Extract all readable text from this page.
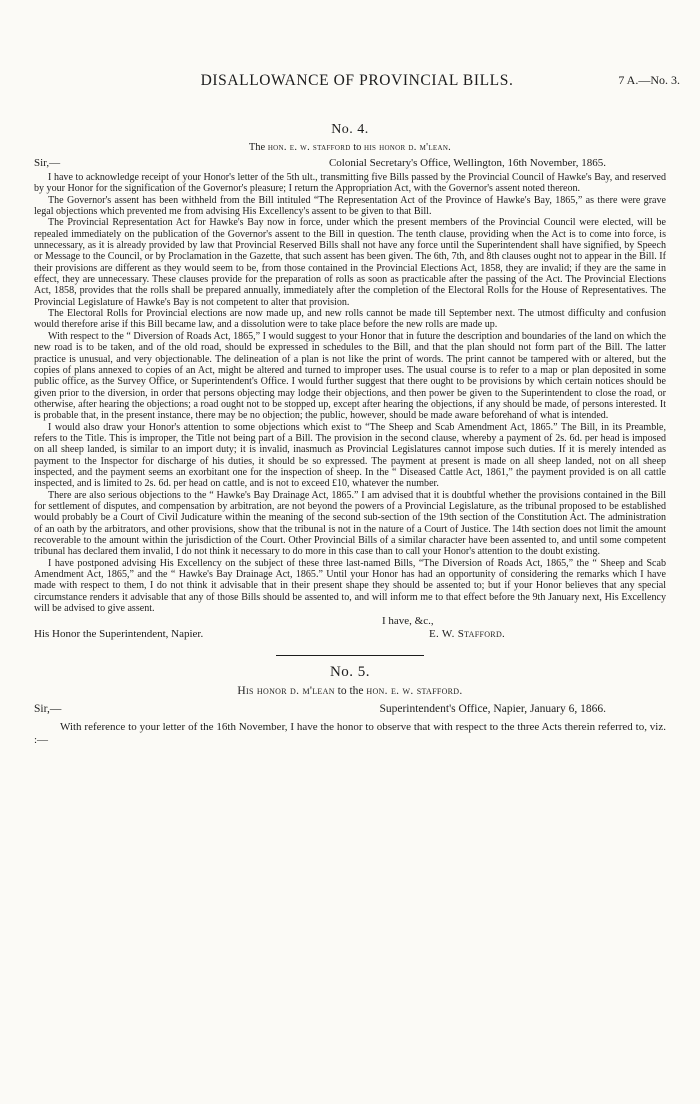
DISALLOWANCE OF PROVINCIAL BILLS.	7 A.—No. 3.
No. 4.
The hon. e. w. stafford to his honor d. m'lean.
Sir,—	Colonial Secretary's Office, Wellington, 16th November, 1865.

I have to acknowledge receipt of your Honor's letter of the 5th ult., transmitting five Bills passed by the Provincial Council of Hawke's Bay, and reserved by your Honor for the signification of the Governor's pleasure; I return the Appropriation Act, with the Governor's assent noted thereon.

The Governor's assent has been withheld from the Bill intituled “The Representation Act of the Province of Hawke's Bay, 1865,” as there were grave legal objections which prevented me from advising His Excellency's assent to be given to that Bill.

The Provincial Representation Act for Hawke's Bay now in force, under which the present members of the Provincial Council were elected, will be repealed immediately on the publication of the Governor's assent to the Bill in question. The tenth clause, providing when the Act is to come into force, is unnecessary, as it is already provided by law that Provincial Reserved Bills shall not have any force until the Superintendent shall have signified, by Speech or Message to the Council, or by Proclamation in the Gazette, that such assent has been given. The 6th, 7th, and 8th clauses ought not to appear in the Bill. If their provisions are different as they would seem to be, from those contained in the Provincial Elections Act, 1858, they are invalid; if they are the same in effect, they are unnecessary. These clauses provide for the preparation of rolls as soon as practicable after the passing of the Act. The Provincial Elections Act, 1858, provides that the rolls shall be prepared annually, immediately after the completion of the Electoral Rolls for the House of Representatives. The Provincial Legislature of Hawke's Bay is not competent to alter that provision.

The Electoral Rolls for Provincial elections are now made up, and new rolls cannot be made till September next. The utmost difficulty and confusion would therefore arise if this Bill became law, and a dissolution were to take place before the new rolls are made up.

With respect to the “ Diversion of Roads Act, 1865,” I would suggest to your Honor that in future the description and boundaries of the land on which the new road is to be taken, and of the old road, should be expressed in schedules to the Bill, and that the plan should not form part of the Bill. The latter practice is unusual, and very objectionable. The delineation of a plan is not like the print of words. The print cannot be tampered with or altered, but the copies of plans annexed to copies of an Act, might be altered and turned to improper uses. The usual course is to refer to a map or plan deposited in some public office, as the Survey Office, or Superintendent's Office. I would further suggest that there ought to be provisions by which certain notices should be given prior to the diversion, in order that persons objecting may lodge their objections, and then power be given to the Superintendent to close the road, or otherwise, after hearing the objections; a road ought not to be stopped up, except after hearing the objections, if any should be made, of persons interested. It is probable that, in the present instance, there may be no objection; the public, however, should be made aware beforehand of what is intended.

I would also draw your Honor's attention to some objections which exist to “The Sheep and Scab Amendment Act, 1865.” The Bill, in its Preamble, refers to the Title. This is improper, the Title not being part of a Bill. The provision in the second clause, whereby a payment of 2s. 6d. per head is imposed on all sheep landed, is similar to an import duty; it is invalid, inasmuch as Provincial Legislatures cannot impose such duties. If it is merely intended as payment to the Inspector for discharge of his duties, it should be so expressed. The payment at present is made on all sheep landed, not on all sheep inspected, and the payment seems an exorbitant one for the inspection of sheep. In the “ Diseased Cattle Act, 1861,” the payment provided is on all cattle inspected, and is limited to 2s. 6d. per head on cattle, and is not to exceed £10, whatever the number.

There are also serious objections to the “ Hawke's Bay Drainage Act, 1865.” I am advised that it is doubtful whether the provisions contained in the Bill for settlement of disputes, and compensation by arbitration, are not beyond the powers of a Provincial Legislature, as the tribunal proposed to be established would probably be a Court of Civil Judicature within the meaning of the second sub-section of the 19th section of the Constitution Act. The administration of an oath by the arbitrators, and other provisions, show that the tribunal is not in the nature of a Court of Justice. The 14th section does not limit the amount recoverable to the amount within the jurisdiction of the Court. Other Provincial Bills of a similar character have been assented to, and until some competent tribunal has declared them invalid, I do not think it necessary to do more in this case than to call your Honor's attention to the doubt existing.

I have postponed advising His Excellency on the subject of these three last-named Bills, “The Diversion of Roads Act, 1865,” the “ Sheep and Scab Amendment Act, 1865,” and the “ Hawke's Bay Drainage Act, 1865.” Until your Honor has had an opportunity of considering the remarks which I have made with respect to them, I do not think it advisable that in their present shape they should be assented to; but if your Honor believes that any special circumstance renders it advisable that any of those Bills should be assented to, and will inform me to that effect before the 9th January next, His Excellency will be advised to give assent.

I have, &c.,
His Honor the Superintendent, Napier.	E. W. Stafford.
No. 5.
His honor d. m'lean to the hon. e. w. stafford.
Sir,—	Superintendent's Office, Napier, January 6, 1866.

With reference to your letter of the 16th November, I have the honor to observe that with respect to the three Acts therein referred to, viz. :—
